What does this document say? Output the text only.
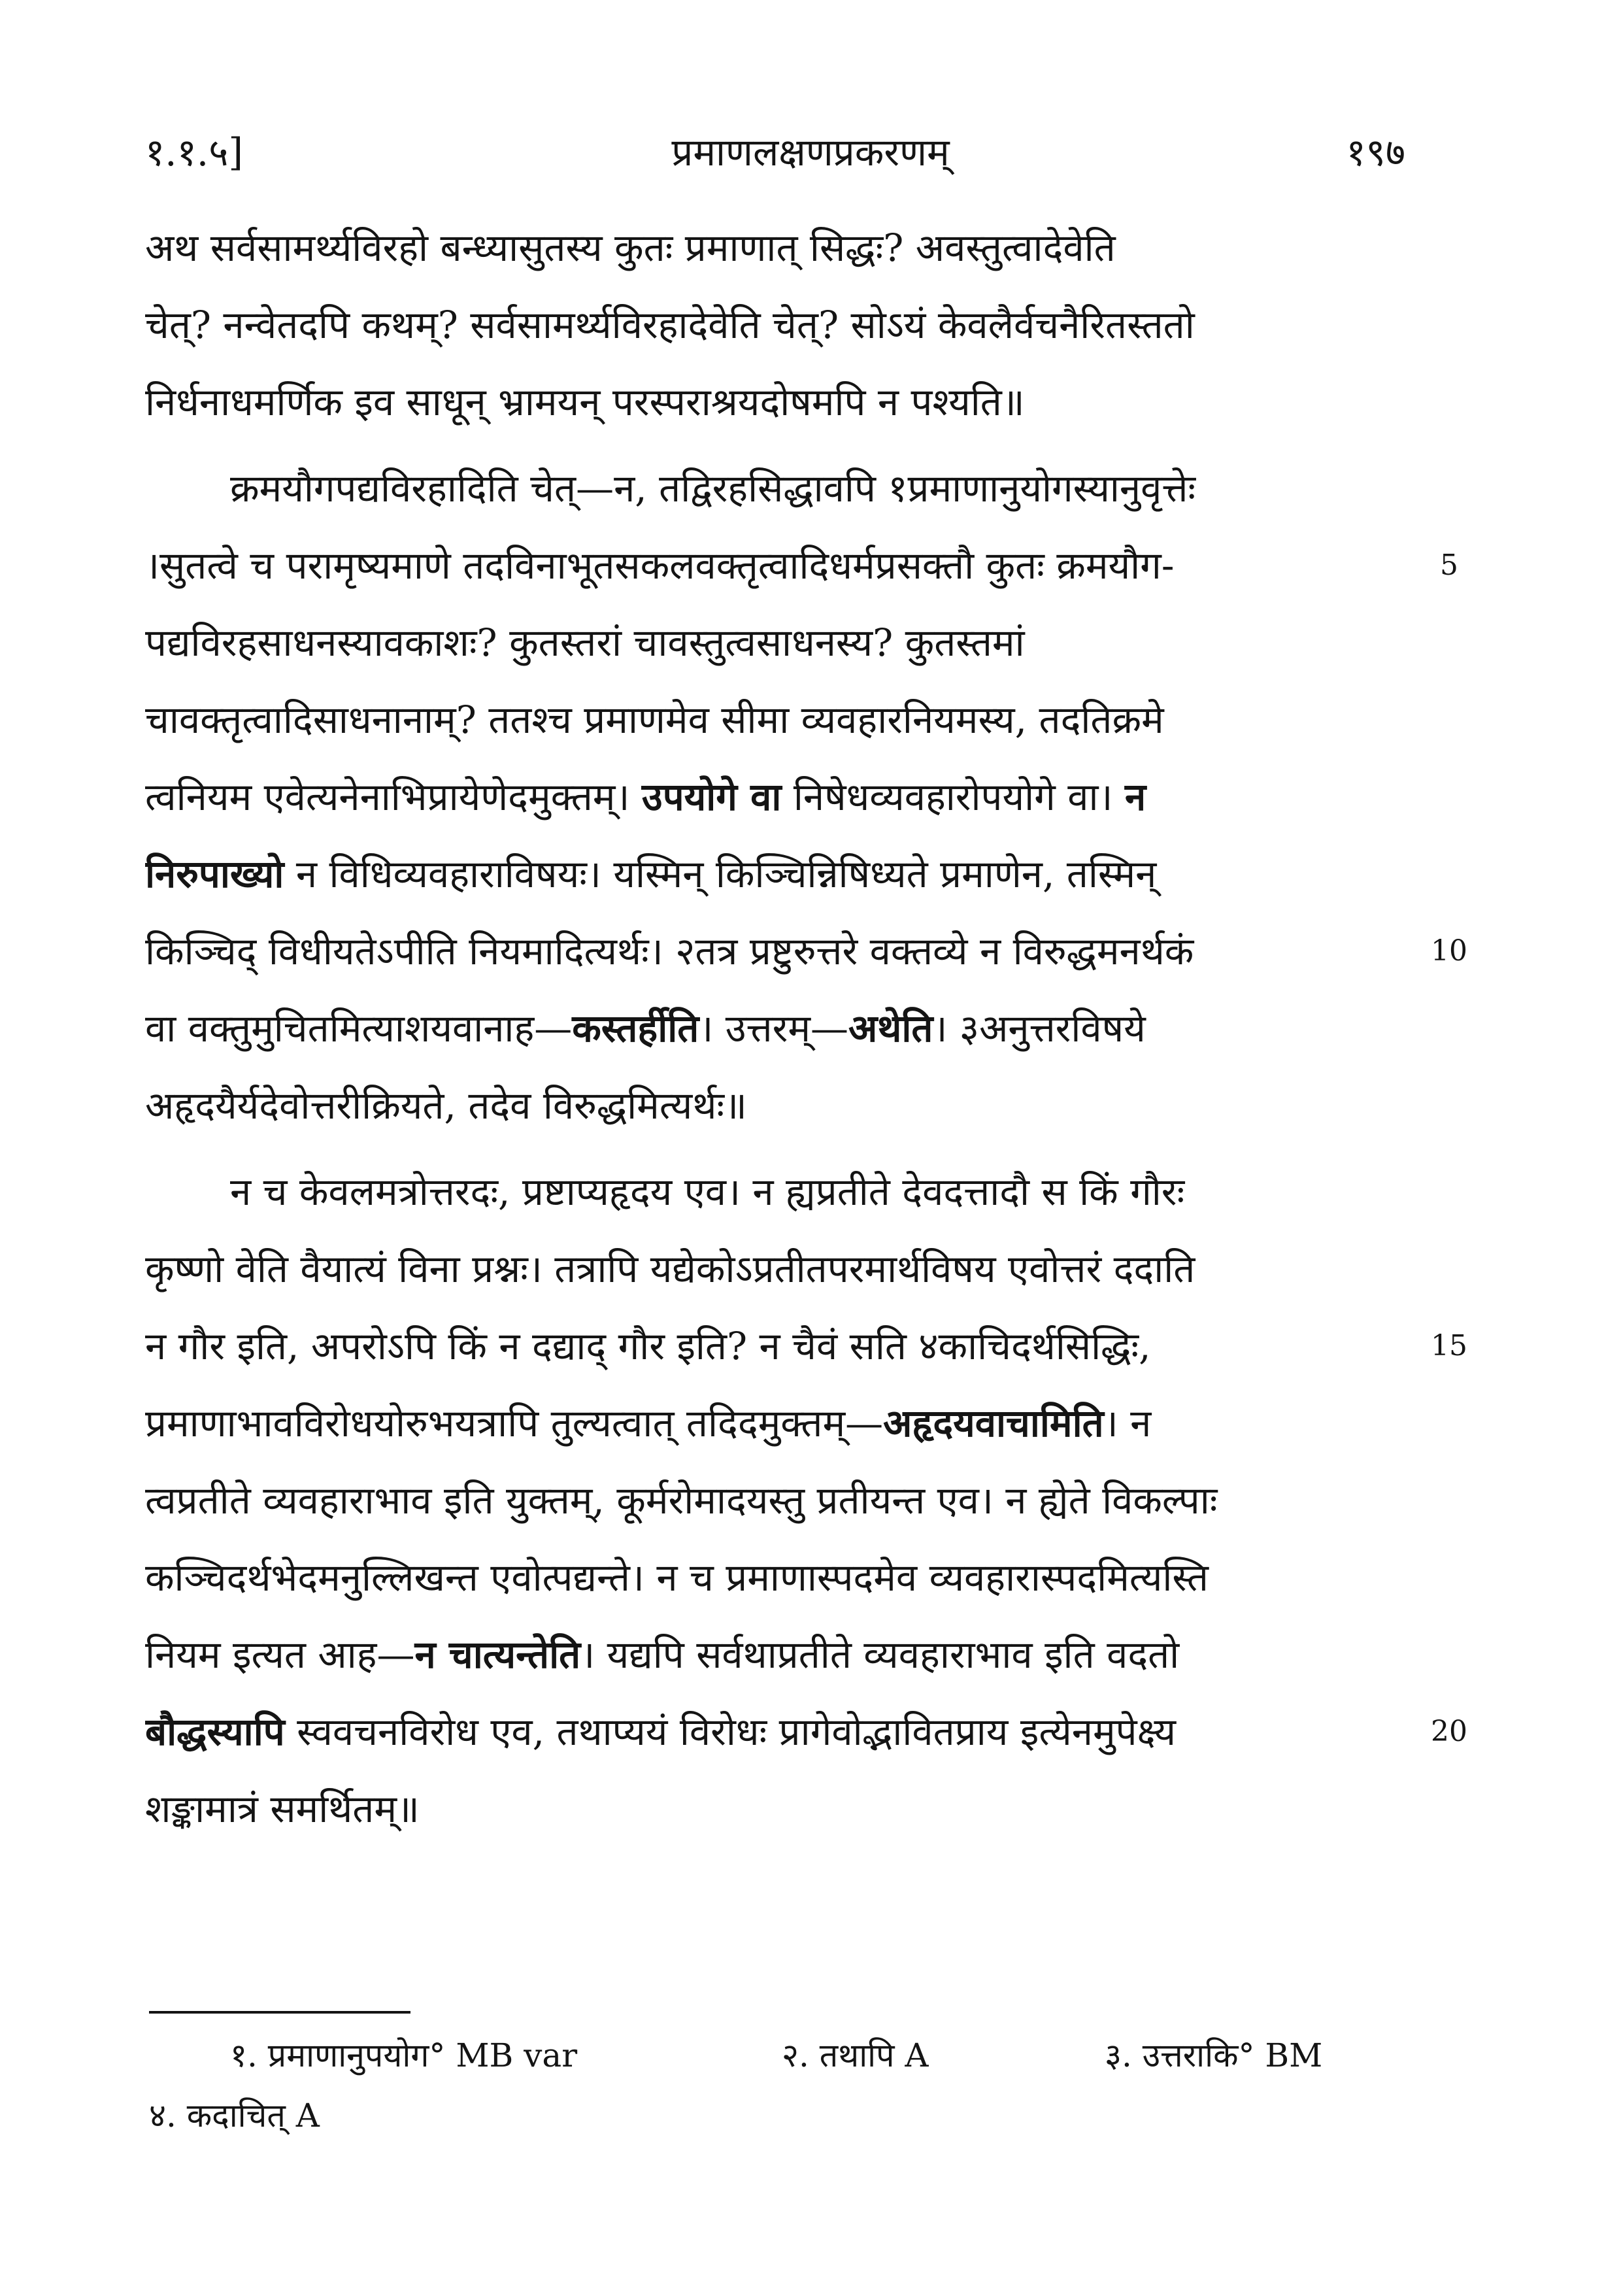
१.१.५]	प्रमाणलक्षणप्रकरणम्	१९७
अथ सर्वसामर्थ्यविरहो बन्ध्यासुतस्य कुतः प्रमाणात् सिद्धः? अवस्तुत्वादेवेति
चेत्? नन्वेतदपि कथम्? सर्वसामर्थ्यविरहादेवेति चेत्? सोऽयं केवलैर्वचनैरितस्ततो
निर्धनाधमर्णिक इव साधून् भ्रामयन् परस्पराश्रयदोषमपि न पश्यति॥
क्रमयौगपद्यविरहादिति चेत्—न, तद्विरहसिद्धावपि १प्रमाणानुयोगस्यानुवृत्तेः
।सुतत्वे च परामृष्यमाणे तदविनाभूतसकलवक्तृत्वादिधर्मप्रसक्तौ कुतः क्रमयौग-	5
पद्यविरहसाधनस्यावकाशः? कुतस्तरां चावस्तुत्वसाधनस्य? कुतस्तमां
चावक्तृत्वादिसाधनानाम्? ततश्च प्रमाणमेव सीमा व्यवहारनियमस्य, तदतिक्रमे
त्वनियम एवेत्यनेनाभिप्रायेणेदमुक्तम्। उपयोगे वा निषेधव्यवहारोपयोगे वा। न
निरुपाख्यो न विधिव्यवहाराविषयः। यस्मिन् किञ्चिन्निषिध्यते प्रमाणेन, तस्मिन्
किञ्चिद् विधीयतेऽपीति नियमादित्यर्थः। २तत्र प्रष्टुरुत्तरे वक्तव्ये न विरुद्धमनर्थकं	10
वा वक्तुमुचितमित्याशयवानाह—कस्तर्हीति। उत्तरम्—अथेति। ३अनुत्तरविषये
अहृदयैर्यदेवोत्तरीक्रियते, तदेव विरुद्धमित्यर्थः॥
न च केवलमत्रोत्तरदः, प्रष्टाप्यहृदय एव। न ह्यप्रतीते देवदत्तादौ स किं गौरः
कृष्णो वेति वैयात्यं विना प्रश्नः। तत्रापि यद्येकोऽप्रतीतपरमार्थविषय एवोत्तरं ददाति
न गौर इति, अपरोऽपि किं न दद्याद् गौर इति? न चैवं सति ४काचिदर्थसिद्धिः,	15
प्रमाणाभावविरोधयोरुभयत्रापि तुल्यत्वात् तदिदमुक्तम्—अहृदयवाचामिति। न
त्वप्रतीते व्यवहाराभाव इति युक्तम्, कूर्मरोमादयस्तु प्रतीयन्त एव। न ह्येते विकल्पाः
कञ्चिदर्थभेदमनुल्लिखन्त एवोत्पद्यन्ते। न च प्रमाणास्पदमेव व्यवहारास्पदमित्यस्ति
नियम इत्यत आह—न चात्यन्तेति। यद्यपि सर्वथाप्रतीते व्यवहाराभाव इति वदतो
बौद्धस्यापि स्ववचनविरोध एव, तथाप्ययं विरोधः प्रागेवोद्भावितप्राय इत्येनमुपेक्ष्य	20
शङ्कामात्रं समर्थितम्॥
१. प्रमाणानुपयोग° MB var	२. तथापि A	३. उत्तराकि° BM
४. कदाचित् A
